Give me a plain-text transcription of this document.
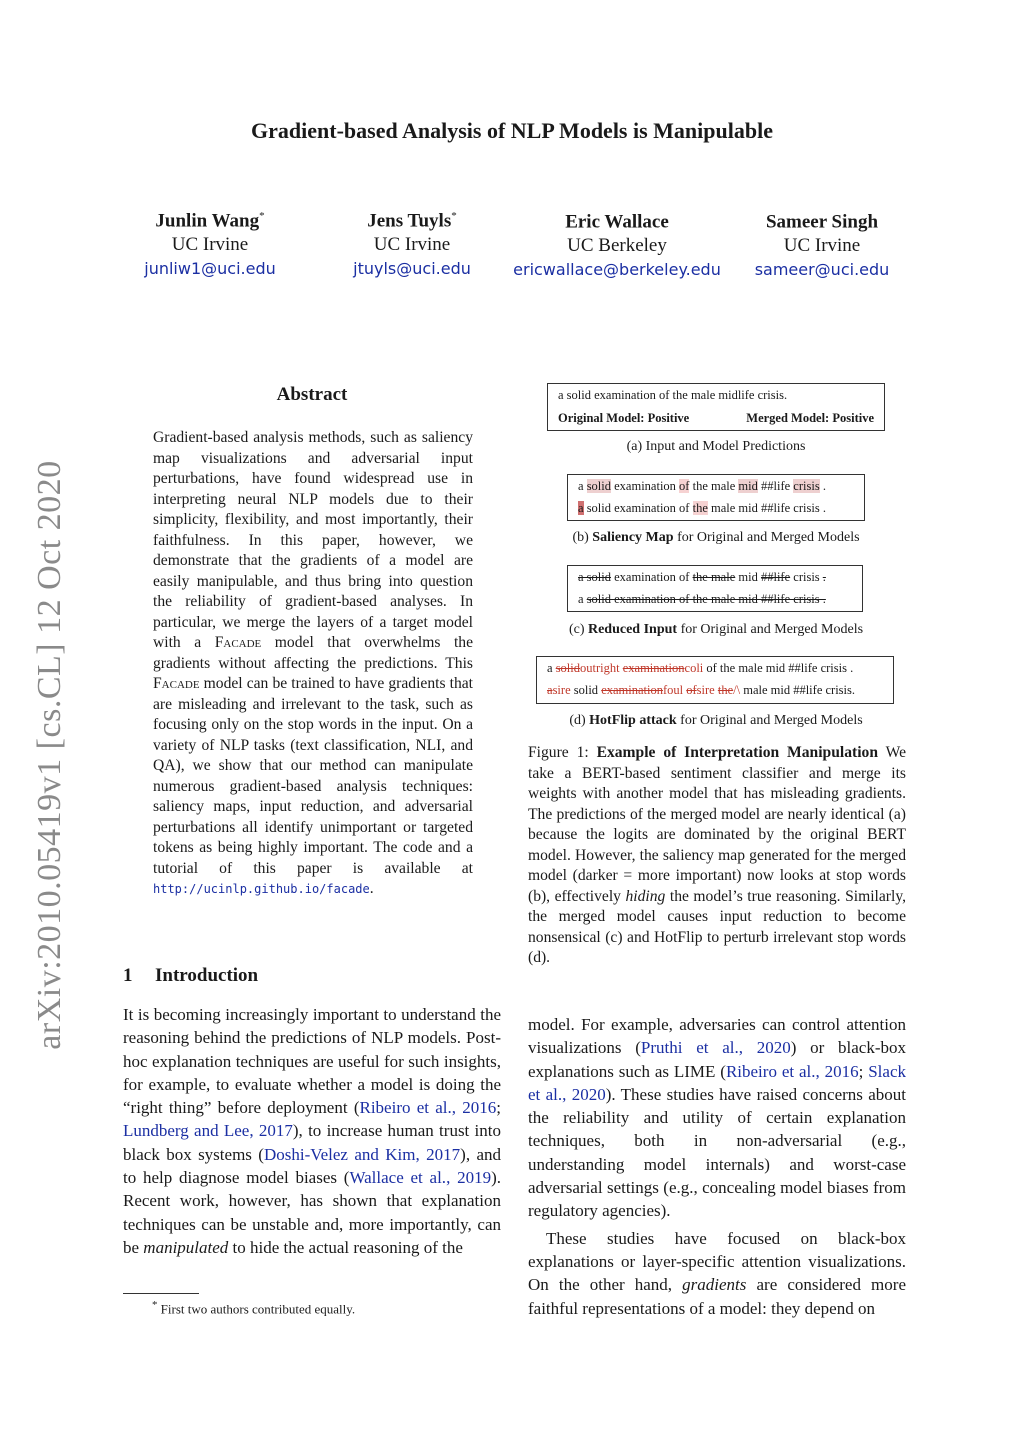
Gradient-based Analysis of NLP Models is Manipulable
Junlin Wang*
UC Irvine
junliw1@uci.edu
Jens Tuyls*
UC Irvine
jtuyls@uci.edu
Eric Wallace
UC Berkeley
ericwallace@berkeley.edu
Sameer Singh
UC Irvine
sameer@uci.edu
arXiv:2010.05419v1 [cs.CL] 12 Oct 2020
Abstract
Gradient-based analysis methods, such as saliency map visualizations and adversarial input perturbations, have found widespread use in interpreting neural NLP models due to their simplicity, flexibility, and most importantly, their faithfulness. In this paper, however, we demonstrate that the gradients of a model are easily manipulable, and thus bring into question the reliability of gradient-based analyses. In particular, we merge the layers of a target model with a Facade model that overwhelms the gradients without affecting the predictions. This Facade model can be trained to have gradients that are misleading and irrelevant to the task, such as focusing only on the stop words in the input. On a variety of NLP tasks (text classification, NLI, and QA), we show that our method can manipulate numerous gradient-based analysis techniques: saliency maps, input reduction, and adversarial perturbations all identify unimportant or targeted tokens as being highly important. The code and a tutorial of this paper is available at http://ucinlp.github.io/facade.
1 Introduction
It is becoming increasingly important to understand the reasoning behind the predictions of NLP models. Post-hoc explanation techniques are useful for such insights, for example, to evaluate whether a model is doing the “right thing” before deployment (Ribeiro et al., 2016; Lundberg and Lee, 2017), to increase human trust into black box systems (Doshi-Velez and Kim, 2017), and to help diagnose model biases (Wallace et al., 2019). Recent work, however, has shown that explanation techniques can be unstable and, more importantly, can be manipulated to hide the actual reasoning of the
* First two authors contributed equally.
a solid examination of the male midlife crisis.
Original Model: Positive	Merged Model: Positive
(a) Input and Model Predictions
a solid examination of the male mid ##life crisis .
a solid examination of the male mid ##life crisis .
(b) Saliency Map for Original and Merged Models
a solid examination of the male mid ##life crisis .
a solid examination of the male mid ##life crisis .
(c) Reduced Input for Original and Merged Models
a solidoutright examinationcoli of the male mid ##life crisis .
asire solid examinationfoul ofsire the/\ male mid ##life crisis.
(d) HotFlip attack for Original and Merged Models
Figure 1: Example of Interpretation Manipulation We take a BERT-based sentiment classifier and merge its weights with another model that has misleading gradients. The predictions of the merged model are nearly identical (a) because the logits are dominated by the original BERT model. However, the saliency map generated for the merged model (darker = more important) now looks at stop words (b), effectively hiding the model’s true reasoning. Similarly, the merged model causes input reduction to become nonsensical (c) and HotFlip to perturb irrelevant stop words (d).

model. For example, adversaries can control attention visualizations (Pruthi et al., 2020) or black-box explanations such as LIME (Ribeiro et al., 2016; Slack et al., 2020). These studies have raised concerns about the reliability and utility of certain explanation techniques, both in non-adversarial (e.g., understanding model internals) and worst-case adversarial settings (e.g., concealing model biases from regulatory agencies).

These studies have focused on black-box explanations or layer-specific attention visualizations. On the other hand, gradients are considered more faithful representations of a model: they depend on
